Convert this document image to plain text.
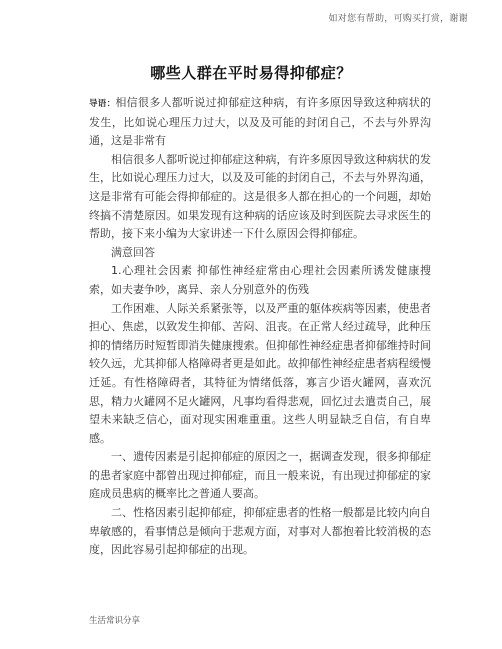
如对您有帮助，可购买打赏，谢谢
哪些人群在平时易得抑郁症？

导语：相信很多人都听说过抑郁症这种病，有许多原因导致这种病状的发生，比如说心理压力过大，以及及可能的封闭自己，不去与外界沟通，这是非常有

相信很多人都听说过抑郁症这种病，有许多原因导致这种病状的发生，比如说心理压力过大，以及及可能的封闭自己，不去与外界沟通，这是非常有可能会得抑郁症的。这是很多人都在担心的一个问题，却始终搞不清楚原因。如果发现有这种病的话应该及时到医院去寻求医生的帮助，接下来小编为大家讲述一下什么原因会得抑郁症。

满意回答

1.心理社会因素 抑郁性神经症常由心理社会因素所诱发健康搜索，如夫妻争吵，离异、亲人分别意外的伤残

工作困难、人际关系紧张等，以及严重的躯体疾病等因素，使患者担心、焦虑，以致发生抑郁、苦闷、沮丧。在正常人经过疏导，此种压抑的情绪历时短暂即消失健康搜索。但抑郁性神经症患者抑郁维持时间较久远，尤其抑郁人格障碍者更是如此。故抑郁性神经症患者病程缓慢迁延。有性格障碍者，其特征为情绪低落，寡言少语火罐网，喜欢沉思，精力火罐网不足火罐网，凡事均看得悲观，回忆过去遣责自己，展望未来缺乏信心，面对现实困难重重。这些人明显缺乏自信，有自卑感。

一、遗传因素是引起抑郁症的原因之一，据调查发现，很多抑郁症的患者家庭中都曾出现过抑郁症，而且一般来说，有出现过抑郁症的家庭成员患病的概率比之普通人要高。

二、性格因素引起抑郁症，抑郁症患者的性格一般都是比较内向自卑敏感的，看事情总是倾向于悲观方面，对事对人都抱着比较消极的态度，因此容易引起抑郁症的出现。

生活常识分享
